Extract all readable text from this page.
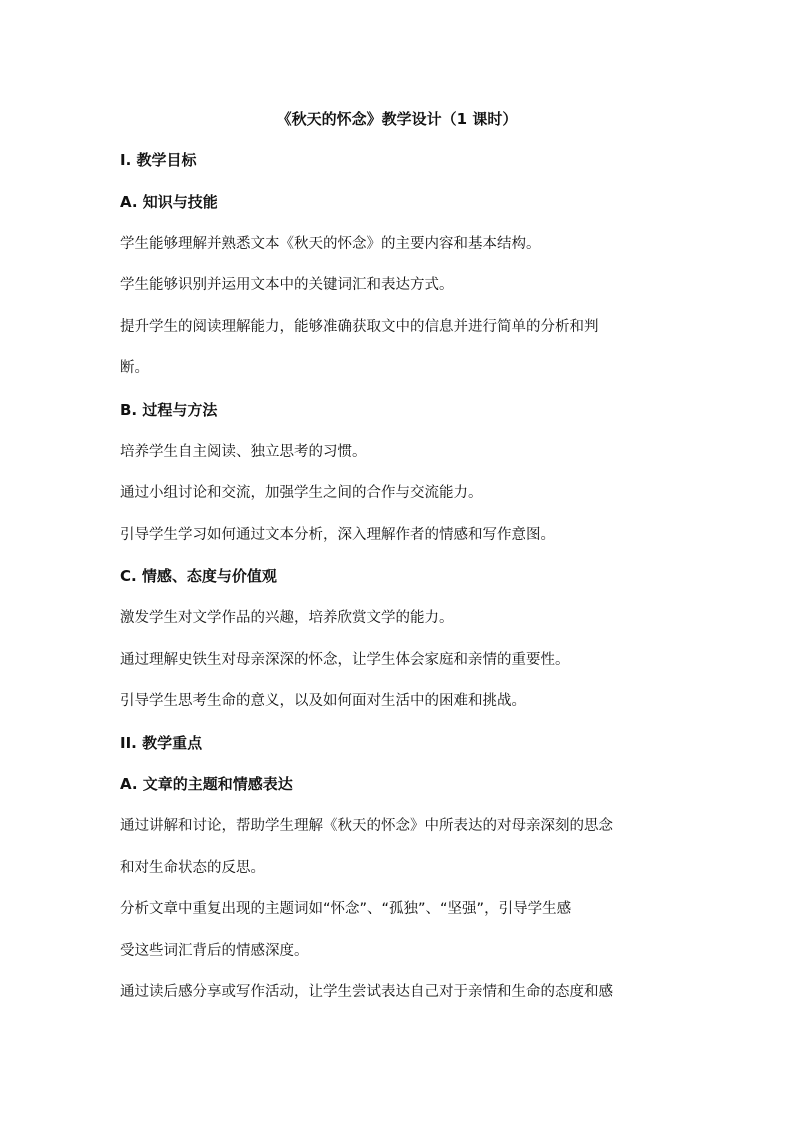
《秋天的怀念》教学设计（1 课时）
I. 教学目标
A. 知识与技能
学生能够理解并熟悉文本《秋天的怀念》的主要内容和基本结构。
学生能够识别并运用文本中的关键词汇和表达方式。
提升学生的阅读理解能力，能够准确获取文中的信息并进行简单的分析和判
断。
B. 过程与方法
培养学生自主阅读、独立思考的习惯。
通过小组讨论和交流，加强学生之间的合作与交流能力。
引导学生学习如何通过文本分析，深入理解作者的情感和写作意图。
C. 情感、态度与价值观
激发学生对文学作品的兴趣，培养欣赏文学的能力。
通过理解史铁生对母亲深深的怀念，让学生体会家庭和亲情的重要性。
引导学生思考生命的意义，以及如何面对生活中的困难和挑战。
II. 教学重点
A. 文章的主题和情感表达
通过讲解和讨论，帮助学生理解《秋天的怀念》中所表达的对母亲深刻的思念
和对生命状态的反思。
分析文章中重复出现的主题词如“怀念”、“孤独”、“坚强”，引导学生感
受这些词汇背后的情感深度。
通过读后感分享或写作活动，让学生尝试表达自己对于亲情和生命的态度和感
